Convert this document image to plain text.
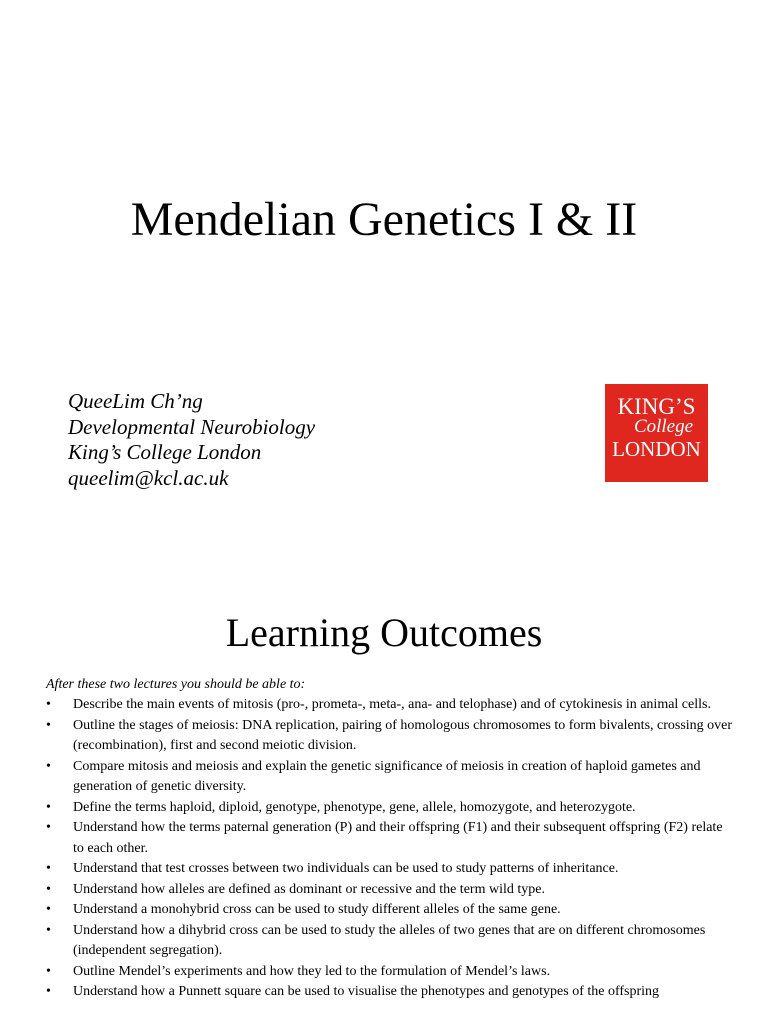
Mendelian Genetics I & II
QueeLim Ch’ng
Developmental Neurobiology
King’s College London
queelim@kcl.ac.uk
KING’S
College
LONDON
Learning Outcomes
After these two lectures you should be able to:
• Describe the main events of mitosis (pro-, prometa-, meta-, ana- and telophase) and of cytokinesis in animal cells.
• Outline the stages of meiosis: DNA replication, pairing of homologous chromosomes to form bivalents, crossing over (recombination), first and second meiotic division.
• Compare mitosis and meiosis and explain the genetic significance of meiosis in creation of haploid gametes and generation of genetic diversity.
• Define the terms haploid, diploid, genotype, phenotype, gene, allele, homozygote, and heterozygote.
• Understand how the terms paternal generation (P) and their offspring (F1) and their subsequent offspring (F2) relate to each other.
• Understand that test crosses between two individuals can be used to study patterns of inheritance.
• Understand how alleles are defined as dominant or recessive and the term wild type.
• Understand a monohybrid cross can be used to study different alleles of the same gene.
• Understand how a dihybrid cross can be used to study the alleles of two genes that are on different chromosomes (independent segregation).
• Outline Mendel’s experiments and how they led to the formulation of Mendel’s laws.
• Understand how a Punnett square can be used to visualise the phenotypes and genotypes of the offspring
